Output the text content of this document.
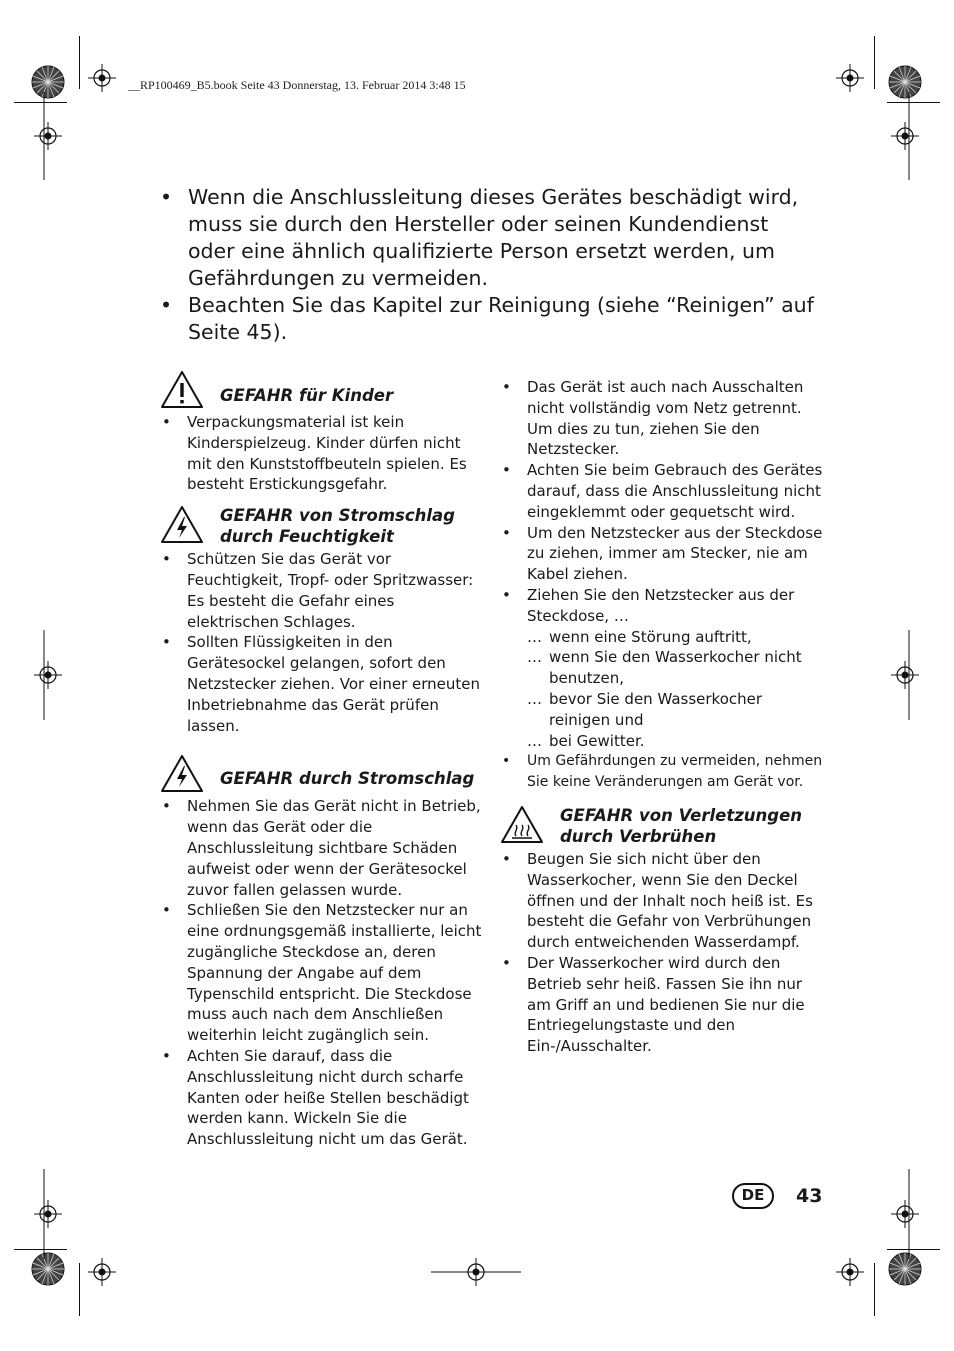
__RP100469_B5.book Seite 43 Donnerstag, 13. Februar 2014 3:48 15
• Wenn die Anschlussleitung dieses Gerätes beschädigt wird, muss sie durch den Hersteller oder seinen Kundendienst oder eine ähnlich qualifizierte Person ersetzt werden, um Gefährdungen zu vermeiden.
• Beachten Sie das Kapitel zur Reinigung (siehe “Reinigen” auf Seite 45).
GEFAHR für Kinder
•	Verpackungsmaterial ist kein Kinderspielzeug. Kinder dürfen nicht mit den Kunststoffbeuteln spielen. Es besteht Erstickungsgefahr.
GEFAHR von Stromschlag
durch Feuchtigkeit
•	Schützen Sie das Gerät vor Feuchtigkeit, Tropf- oder Spritzwasser: Es besteht die Gefahr eines elektrischen Schlages.
•	Sollten Flüssigkeiten in den Gerätesockel gelangen, sofort den Netzstecker ziehen. Vor einer erneuten Inbetriebnahme das Gerät prüfen lassen.
GEFAHR durch Stromschlag
•	Nehmen Sie das Gerät nicht in Betrieb, wenn das Gerät oder die Anschlussleitung sichtbare Schäden aufweist oder wenn der Gerätesockel zuvor fallen gelassen wurde.
•	Schließen Sie den Netzstecker nur an eine ordnungsgemäß installierte, leicht zugängliche Steckdose an, deren Spannung der Angabe auf dem Typenschild entspricht. Die Steckdose muss auch nach dem Anschließen weiterhin leicht zugänglich sein.
•	Achten Sie darauf, dass die Anschlussleitung nicht durch scharfe Kanten oder heiße Stellen beschädigt werden kann. Wickeln Sie die Anschlussleitung nicht um das Gerät.
•	Das Gerät ist auch nach Ausschalten nicht vollständig vom Netz getrennt. Um dies zu tun, ziehen Sie den Netzstecker.
•	Achten Sie beim Gebrauch des Gerätes darauf, dass die Anschlussleitung nicht eingeklemmt oder gequetscht wird.
•	Um den Netzstecker aus der Steckdose zu ziehen, immer am Stecker, nie am Kabel ziehen.
•	Ziehen Sie den Netzstecker aus der Steckdose, …
… wenn eine Störung auftritt,
… wenn Sie den Wasserkocher nicht benutzen,
… bevor Sie den Wasserkocher reinigen und
… bei Gewitter.
•	Um Gefährdungen zu vermeiden, nehmen Sie keine Veränderungen am Gerät vor.
GEFAHR von Verletzungen
durch Verbrühen
•	Beugen Sie sich nicht über den Wasserkocher, wenn Sie den Deckel öffnen und der Inhalt noch heiß ist. Es besteht die Gefahr von Verbrühungen durch entweichenden Wasserdampf.
•	Der Wasserkocher wird durch den Betrieb sehr heiß. Fassen Sie ihn nur am Griff an und bedienen Sie nur die Entriegelungstaste und den Ein-/Ausschalter.
DE	43
